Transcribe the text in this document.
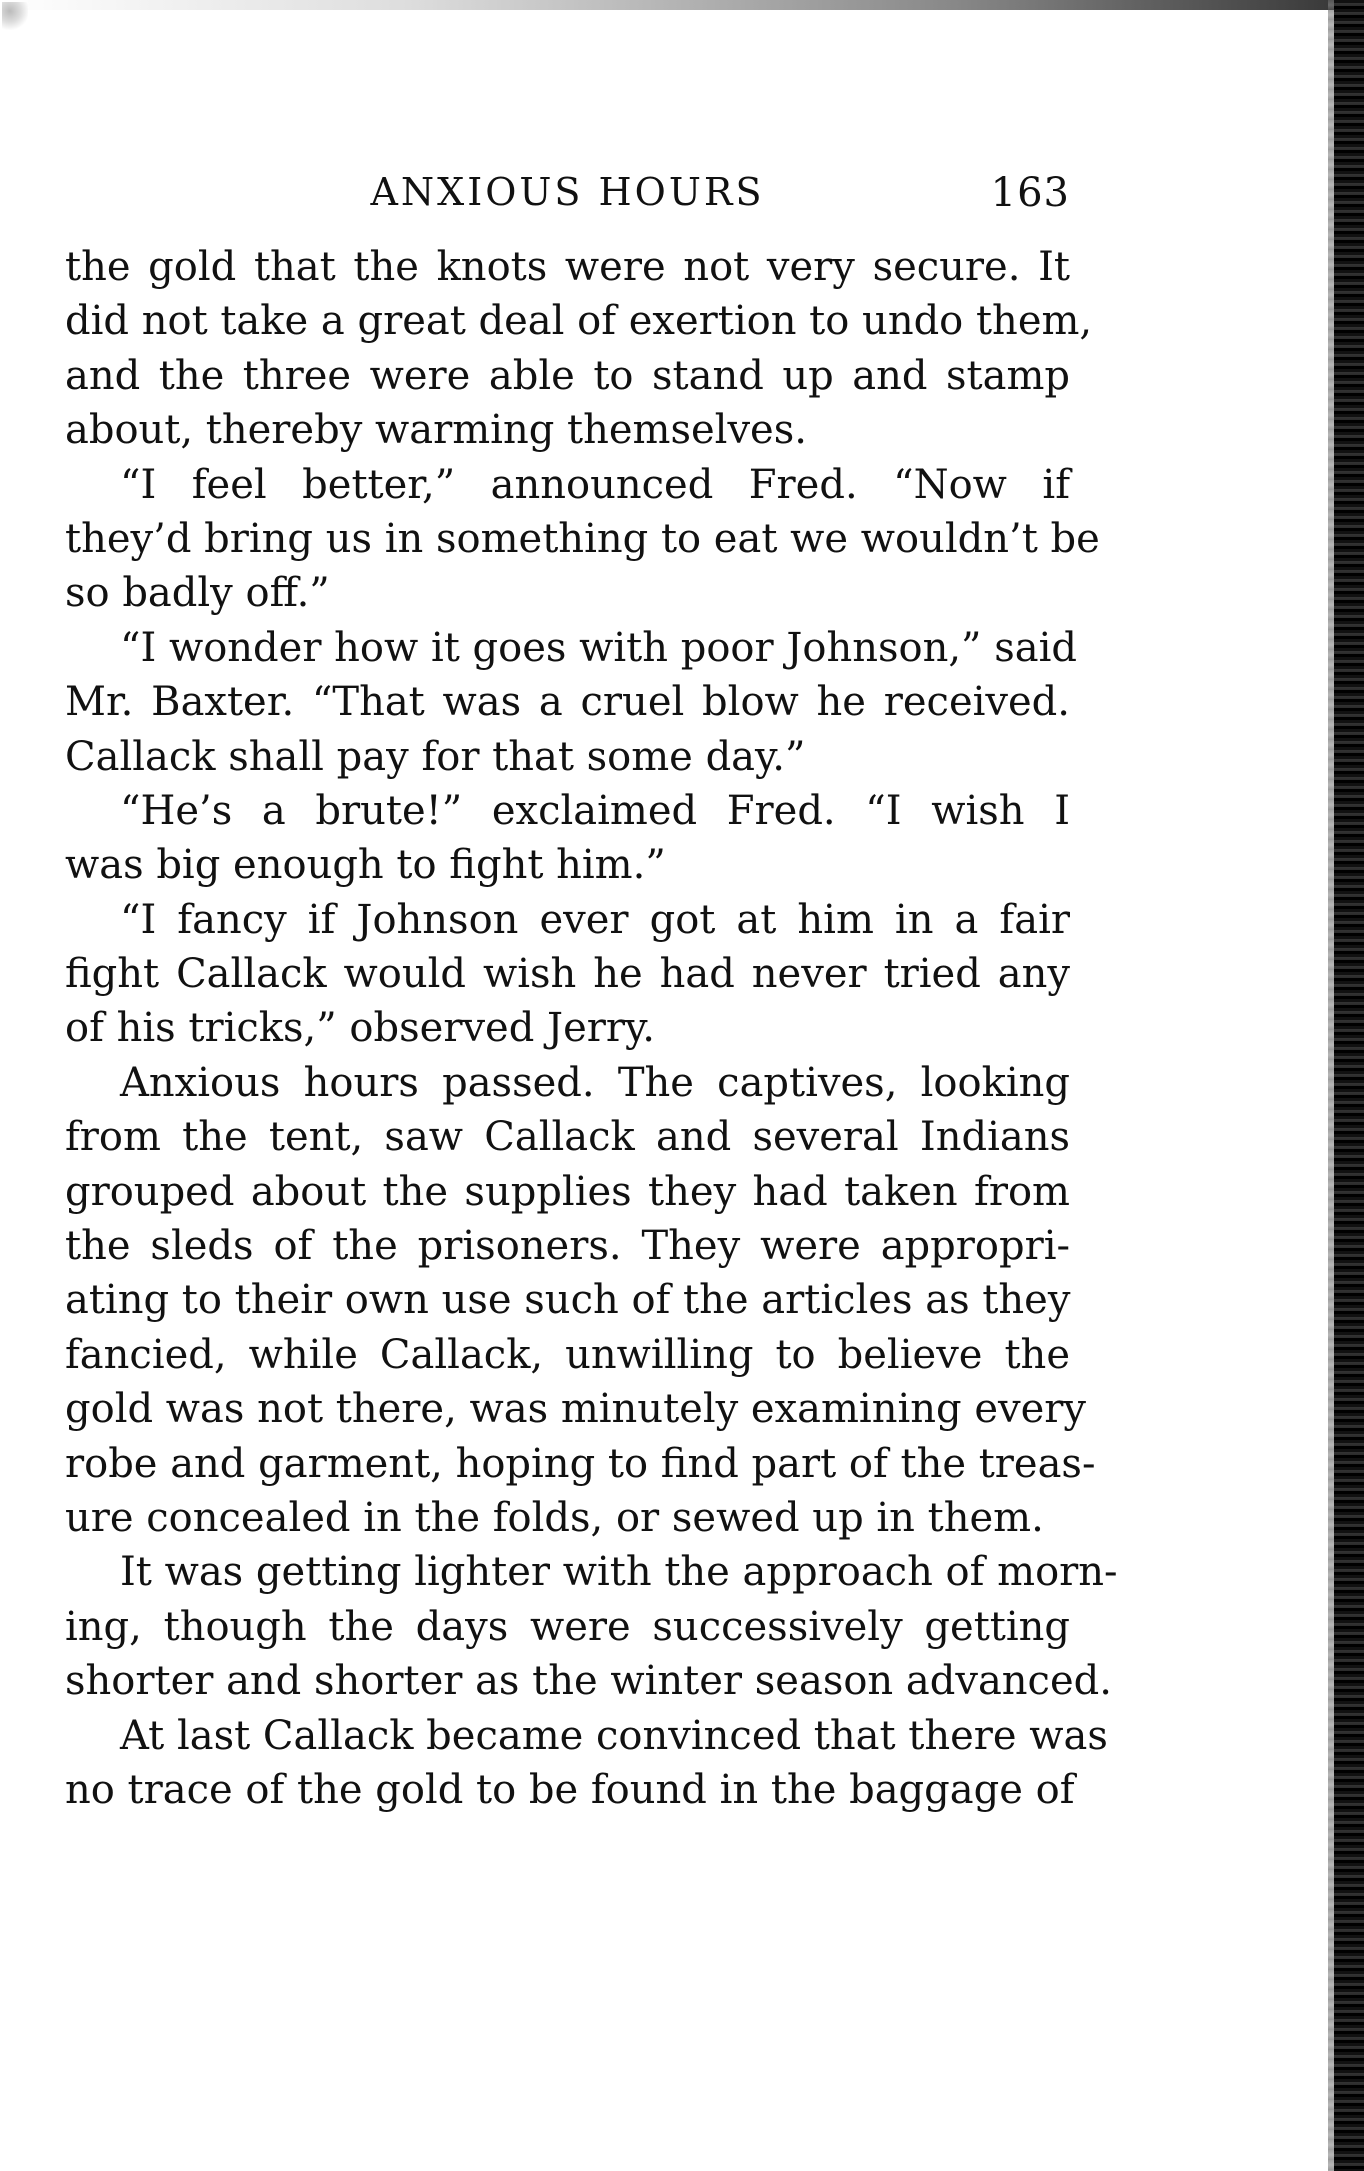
ANXIOUS HOURS	163
the gold that the knots were not very secure. It
did not take a great deal of exertion to undo them,
and the three were able to stand up and stamp
about, thereby warming themselves.
“I feel better,” announced Fred. “Now if
they’d bring us in something to eat we wouldn’t be
so badly off.”
“I wonder how it goes with poor Johnson,” said
Mr. Baxter. “That was a cruel blow he received.
Callack shall pay for that some day.”
“He’s a brute!” exclaimed Fred. “I wish I
was big enough to fight him.”
“I fancy if Johnson ever got at him in a fair
fight Callack would wish he had never tried any
of his tricks,” observed Jerry.
Anxious hours passed. The captives, looking
from the tent, saw Callack and several Indians
grouped about the supplies they had taken from
the sleds of the prisoners. They were appropri-
ating to their own use such of the articles as they
fancied, while Callack, unwilling to believe the
gold was not there, was minutely examining every
robe and garment, hoping to find part of the treas-
ure concealed in the folds, or sewed up in them.
It was getting lighter with the approach of morn-
ing, though the days were successively getting
shorter and shorter as the winter season advanced.
At last Callack became convinced that there was
no trace of the gold to be found in the baggage of
